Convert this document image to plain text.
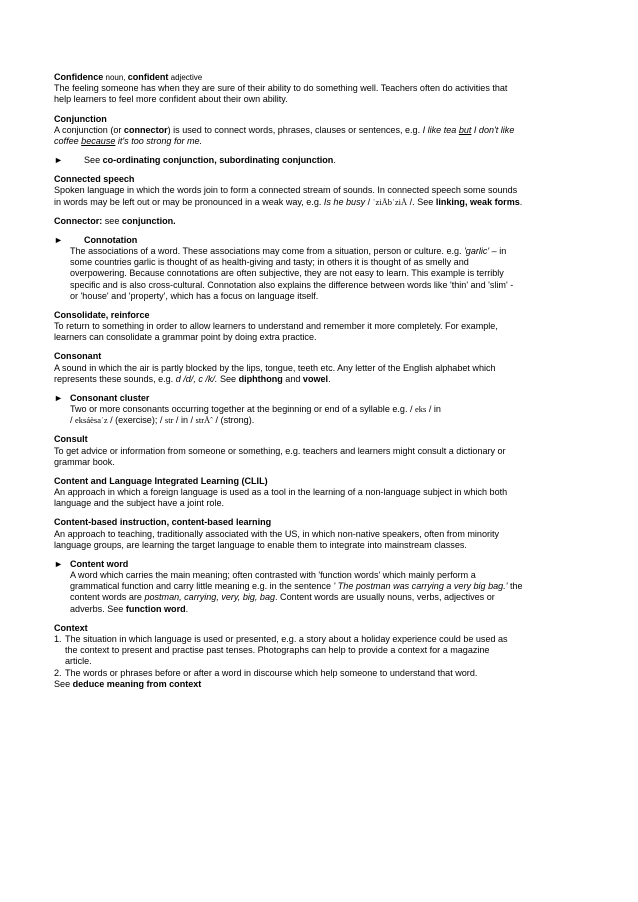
Confidence noun, confident adjective
The feeling someone has when they are sure of their ability to do something well. Teachers often do activities that
help learners to feel more confident about their own ability.
Conjunction
A conjunction (or connector) is used to connect words, phrases, clauses or sentences, e.g. I like tea but I don't like
coffee because it's too strong for me.
► See co-ordinating conjunction, subordinating conjunction.
Connected speech
Spoken language in which the words join to form a connected stream of sounds. In connected speech some sounds
in words may be left out or may be pronounced in a weak way, e.g. Is he busy / ˈziÅbˈziÅ /. See linking, weak forms.
Connector: see conjunction.
► Connotation
The associations of a word. These associations may come from a situation, person or culture. e.g. 'garlic' – in
some countries garlic is thought of as health-giving and tasty; in others it is thought of as smelly and
overpowering. Because connotations are often subjective, they are not easy to learn. This example is terribly
specific and is also cross-cultural. Connotation also explains the difference between words like 'thin' and 'slim' -
or 'house' and 'property', which has a focus on language itself.
Consolidate, reinforce
To return to something in order to allow learners to understand and remember it more completely. For example,
learners can consolidate a grammar point by doing extra practice.
Consonant
A sound in which the air is partly blocked by the lips, tongue, teeth etc. Any letter of the English alphabet which
represents these sounds, e.g. d /d/, c /k/. See diphthong and vowel.
► Consonant cluster
Two or more consonants occurring together at the beginning or end of a syllable e.g. / eks / in
/ eksáèsaˈz / (exercise); / str / in / strÅˆ / (strong).
Consult
To get advice or information from someone or something, e.g. teachers and learners might consult a dictionary or
grammar book.
Content and Language Integrated Learning (CLIL)
An approach in which a foreign language is used as a tool in the learning of a non-language subject in which both
language and the subject have a joint role.
Content-based instruction, content-based learning
An approach to teaching, traditionally associated with the US, in which non-native speakers, often from minority
language groups, are learning the target language to enable them to integrate into mainstream classes.
► Content word
A word which carries the main meaning; often contrasted with 'function words' which mainly perform a
grammatical function and carry little meaning e.g. in the sentence ' The postman was carrying a very big bag.' the
content words are postman, carrying, very, big, bag. Content words are usually nouns, verbs, adjectives or
adverbs. See function word.
Context
1. The situation in which language is used or presented, e.g. a story about a holiday experience could be used as
the context to present and practise past tenses. Photographs can help to provide a context for a magazine
article.
2. The words or phrases before or after a word in discourse which help someone to understand that word.
See deduce meaning from context
